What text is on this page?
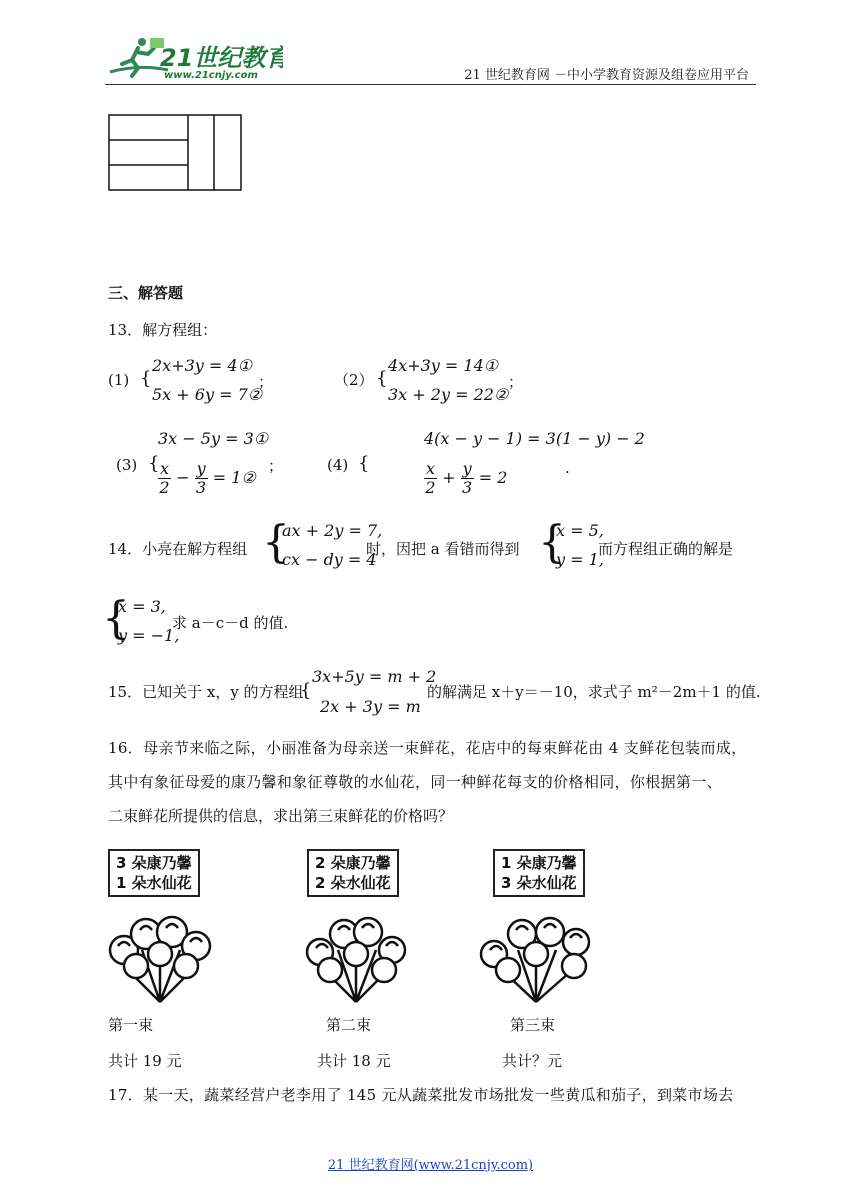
21世纪教育
www.21cnjy.com	21 世纪教育网 －中小学教育资源及组卷应用平台
三、解答题
13．解方程组：
(1) {
2x+3y = 4①
5x + 6y = 7②
；	（2） {
4x+3y = 14①
3x + 2y = 22②
；
(3) {
3x − 5y = 3①
$\frac{x}{2} - \frac{y}{3}$ = 1②
；	(4) {
4(x − y − 1) = 3(1 − y) − 2
$\frac{x}{2} + \frac{y}{3} = 2$	.
14．小亮在解方程组 {
ax + 2y = 7,
cx − dy = 4
时，因把 a 看错而得到 {
x = 5,
y = 1,
而方程组正确的解是
{
x = 3,
y = −1,
求 a－c－d 的值.
15．已知关于 x，y 的方程组
{
3x+5y = m + 2
2x + 3y = m
的解满足 x＋y＝－10，求式子 m²－2m＋1 的值.
16．母亲节来临之际，小丽准备为母亲送一束鲜花，花店中的每束鲜花由 4 支鲜花包装而成，
其中有象征母爱的康乃馨和象征尊敬的水仙花，同一种鲜花每支的价格相同，你根据第一、
二束鲜花所提供的信息，求出第三束鲜花的价格吗？
3 朵康乃馨
1 朵水仙花
第一束
共计 19 元
2 朵康乃馨
2 朵水仙花
第二束
共计 18 元
1 朵康乃馨
3 朵水仙花
第三束
共计？元
17．某一天，蔬菜经营户老李用了 145 元从蔬菜批发市场批发一些黄瓜和茄子，到菜市场去
21 世纪教育网(www.21cnjy.com)
